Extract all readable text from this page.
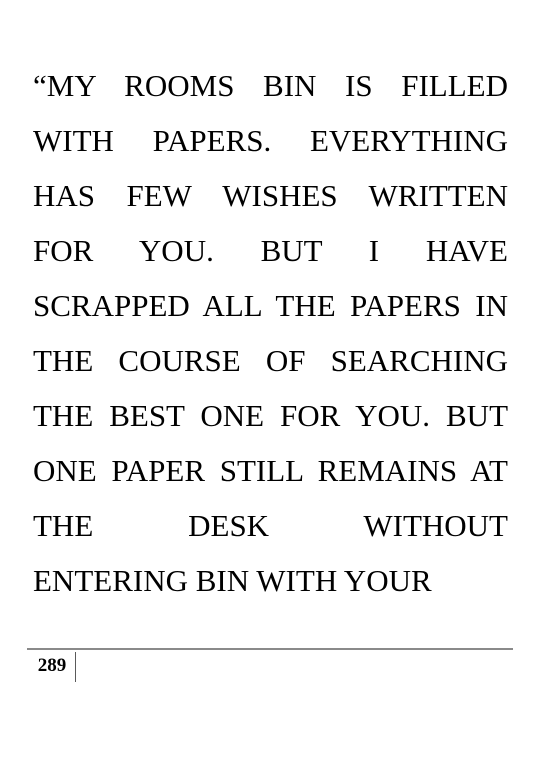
“MY ROOMS BIN IS FILLED
WITH PAPERS. EVERYTHING
HAS FEW WISHES WRITTEN
FOR YOU. BUT I HAVE
SCRAPPED ALL THE PAPERS IN
THE COURSE OF SEARCHING
THE BEST ONE FOR YOU. BUT
ONE PAPER STILL REMAINS AT
THE DESK WITHOUT
ENTERING BIN WITH YOUR
289
